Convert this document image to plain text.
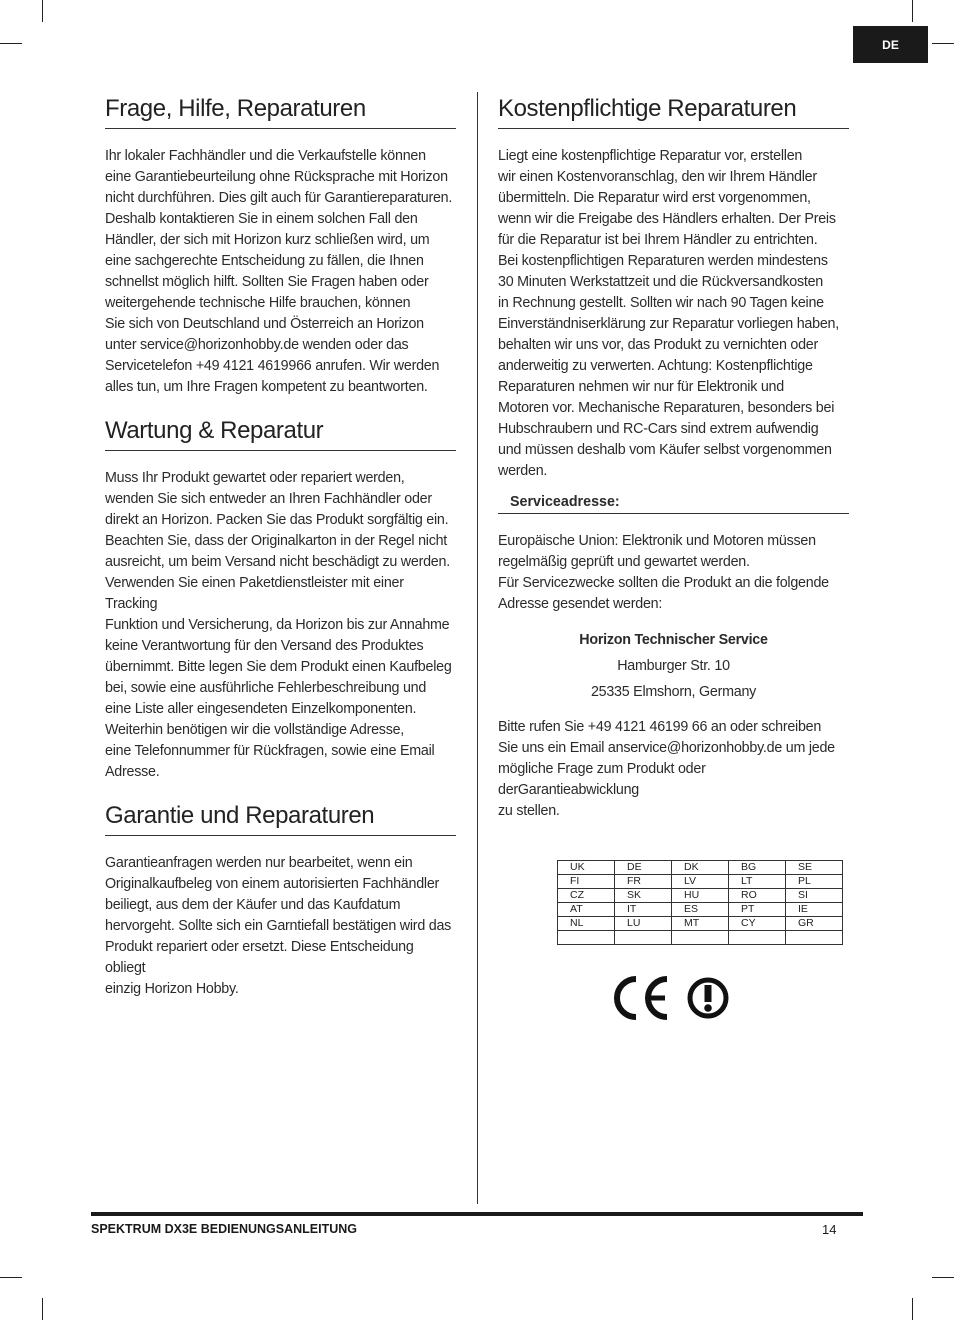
DE
Frage, Hilfe, Reparaturen

Ihr lokaler Fachhändler und die Verkaufstelle können
eine Garantiebeurteilung ohne Rücksprache mit Horizon
nicht durchführen. Dies gilt auch für Garantiereparaturen.
Deshalb kontaktieren Sie in einem solchen Fall den
Händler, der sich mit Horizon kurz schließen wird, um
eine sachgerechte Entscheidung zu fällen, die Ihnen
schnellst möglich hilft. Sollten Sie Fragen haben oder
weitergehende technische Hilfe brauchen, können
Sie sich von Deutschland und Österreich an Horizon
unter service@horizonhobby.de wenden oder das
Servicetelefon +49 4121 4619966 anrufen. Wir werden
alles tun, um Ihre Fragen kompetent zu beantworten.

Wartung & Reparatur

Muss Ihr Produkt gewartet oder repariert werden,
wenden Sie sich entweder an Ihren Fachhändler oder
direkt an Horizon. Packen Sie das Produkt sorgfältig ein.
Beachten Sie, dass der Originalkarton in der Regel nicht
ausreicht, um beim Versand nicht beschädigt zu werden.
Verwenden Sie einen Paketdienstleister mit einer Tracking
Funktion und Versicherung, da Horizon bis zur Annahme
keine Verantwortung für den Versand des Produktes
übernimmt. Bitte legen Sie dem Produkt einen Kaufbeleg
bei, sowie eine ausführliche Fehlerbeschreibung und
eine Liste aller eingesendeten Einzelkomponenten.
Weiterhin benötigen wir die vollständige Adresse,
eine Telefonnummer für Rückfragen, sowie eine Email
Adresse.

Garantie und Reparaturen

Garantieanfragen werden nur bearbeitet, wenn ein
Originalkaufbeleg von einem autorisierten Fachhändler
beiliegt, aus dem der Käufer und das Kaufdatum
hervorgeht. Sollte sich ein Garntiefall bestätigen wird das
Produkt repariert oder ersetzt. Diese Entscheidung obliegt
einzig Horizon Hobby.

Kostenpflichtige Reparaturen

Liegt eine kostenpflichtige Reparatur vor, erstellen
wir einen Kostenvoranschlag, den wir Ihrem Händler
übermitteln. Die Reparatur wird erst vorgenommen,
wenn wir die Freigabe des Händlers erhalten. Der Preis
für die Reparatur ist bei Ihrem Händler zu entrichten.
Bei kostenpflichtigen Reparaturen werden mindestens
30 Minuten Werkstattzeit und die Rückversandkosten
in Rechnung gestellt. Sollten wir nach 90 Tagen keine
Einverständniserklärung zur Reparatur vorliegen haben,
behalten wir uns vor, das Produkt zu vernichten oder
anderweitig zu verwerten. Achtung: Kostenpflichtige
Reparaturen nehmen wir nur für Elektronik und
Motoren vor. Mechanische Reparaturen, besonders bei
Hubschraubern und RC-Cars sind extrem aufwendig
und müssen deshalb vom Käufer selbst vorgenommen
werden.

Serviceadresse:

Europäische Union: Elektronik und Motoren müssen
regelmäßig geprüft und gewartet werden.
Für Servicezwecke sollten die Produkt an die folgende
Adresse gesendet werden:

Horizon Technischer Service

Hamburger Str. 10

25335 Elmshorn, Germany

Bitte rufen Sie +49 4121 46199 66 an oder schreiben
Sie uns ein Email anservice@horizonhobby.de um jede
mögliche Frage zum Produkt oder derGarantieabwicklung
zu stellen.

UK	DE	DK	BG	SE
FI	FR	LV	LT	PL
CZ	SK	HU	RO	SI
AT	IT	ES	PT	IE
NL	LU	MT	CY	GR

SPEKTRUM DX3E BEDIENUNGSANLEITUNG	14
